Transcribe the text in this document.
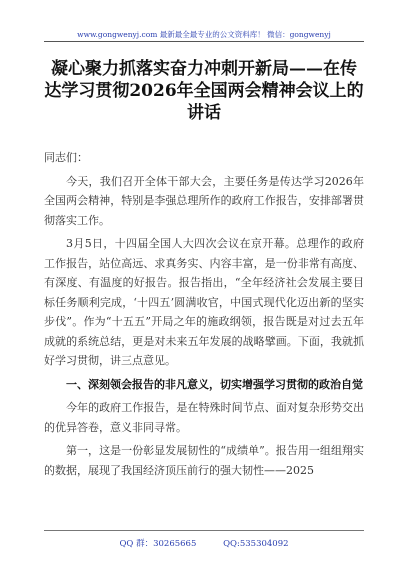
www.gongwenyj.com 最新最全最专业的公文资料库！ 微信：gongwenyj
凝心聚力抓落实奋力冲刺开新局——在传达学习贯彻2026年全国两会精神会议上的讲话

同志们：

今天，我们召开全体干部大会，主要任务是传达学习2026年全国两会精神，特别是李强总理所作的政府工作报告，安排部署贯彻落实工作。

3月5日，十四届全国人大四次会议在京开幕。总理作的政府工作报告，站位高远、求真务实、内容丰富，是一份非常有高度、有深度、有温度的好报告。报告指出，“全年经济社会发展主要目标任务顺利完成，‘十四五’圆满收官，中国式现代化迈出新的坚实步伐”。作为“十五五”开局之年的施政纲领，报告既是对过去五年成就的系统总结，更是对未来五年发展的战略擘画。下面，我就抓好学习贯彻，讲三点意见。

一、深刻领会报告的非凡意义，切实增强学习贯彻的政治自觉

今年的政府工作报告，是在特殊时间节点、面对复杂形势交出的优异答卷，意义非同寻常。

第一，这是一份彰显发展韧性的“成绩单”。报告用一组组翔实的数据，展现了我国经济顶压前行的强大韧性——2025

QQ 群：30265665	QQ:535304092
